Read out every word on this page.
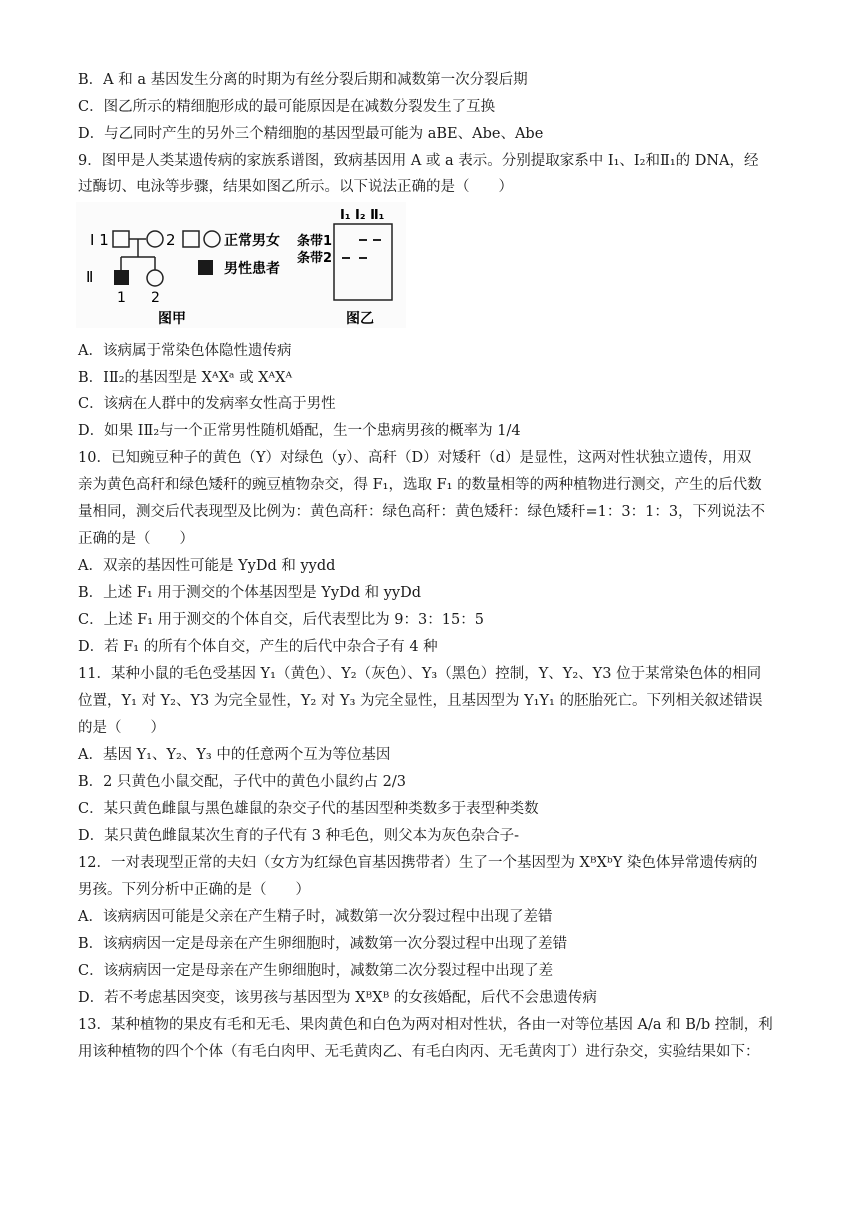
B．A 和 a 基因发生分离的时期为有丝分裂后期和减数第一次分裂后期
C．图乙所示的精细胞形成的最可能原因是在减数分裂发生了互换
D．与乙同时产生的另外三个精细胞的基因型最可能为 aBE、Abe、Abe
9．图甲是人类某遗传病的家族系谱图，致病基因用 A 或 a 表示。分别提取家系中 I₁、I₂和Ⅱ₁的 DNA，经
过酶切、电泳等步骤，结果如图乙所示。以下说法正确的是（　　）
I 1	2	正常男女
男性患者
Ⅱ
1 2
图甲
I₁ I₂ Ⅱ₁
条带1
条带2
图乙
A．该病属于常染色体隐性遗传病
B．IⅡ₂的基因型是 XᴬXᵃ 或 XᴬXᴬ
C．该病在人群中的发病率女性高于男性
D．如果 IⅡ₂与一个正常男性随机婚配，生一个患病男孩的概率为 1/4
10．已知豌豆种子的黄色（Y）对绿色（y）、高秆（D）对矮秆（d）是显性，这两对性状独立遗传，用双
亲为黄色高秆和绿色矮秆的豌豆植物杂交，得 F₁，选取 F₁ 的数量相等的两种植物进行测交，产生的后代数
量相同，测交后代表现型及比例为：黄色高秆：绿色高秆：黄色矮秆：绿色矮秆=1：3：1：3，下列说法不
正确的是（　　）
A．双亲的基因性可能是 YyDd 和 yydd
B．上述 F₁ 用于测交的个体基因型是 YyDd 和 yyDd
C．上述 F₁ 用于测交的个体自交，后代表型比为 9：3：15：5
D．若 F₁ 的所有个体自交，产生的后代中杂合子有 4 种
11．某种小鼠的毛色受基因 Y₁（黄色）、Y₂（灰色）、Y₃（黑色）控制，Y、Y₂、Y3 位于某常染色体的相同
位置，Y₁ 对 Y₂、Y3 为完全显性，Y₂ 对 Y₃ 为完全显性，且基因型为 Y₁Y₁ 的胚胎死亡。下列相关叙述错误
的是（　　）
A．基因 Y₁、Y₂、Y₃ 中的任意两个互为等位基因
B．2 只黄色小鼠交配，子代中的黄色小鼠约占 2/3
C．某只黄色雌鼠与黑色雄鼠的杂交子代的基因型种类数多于表型种类数
D．某只黄色雌鼠某次生育的子代有 3 种毛色，则父本为灰色杂合子-
12．一对表现型正常的夫妇（女方为红绿色盲基因携带者）生了一个基因型为 XᴮXᵇY 染色体异常遗传病的
男孩。下列分析中正确的是（　　）
A．该病病因可能是父亲在产生精子时，减数第一次分裂过程中出现了差错
B．该病病因一定是母亲在产生卵细胞时，减数第一次分裂过程中出现了差错
C．该病病因一定是母亲在产生卵细胞时，减数第二次分裂过程中出现了差
D．若不考虑基因突变，该男孩与基因型为 XᴮXᴮ 的女孩婚配，后代不会患遗传病
13．某种植物的果皮有毛和无毛、果肉黄色和白色为两对相对性状，各由一对等位基因 A/a 和 B/b 控制，利
用该种植物的四个个体（有毛白肉甲、无毛黄肉乙、有毛白肉丙、无毛黄肉丁）进行杂交，实验结果如下：
